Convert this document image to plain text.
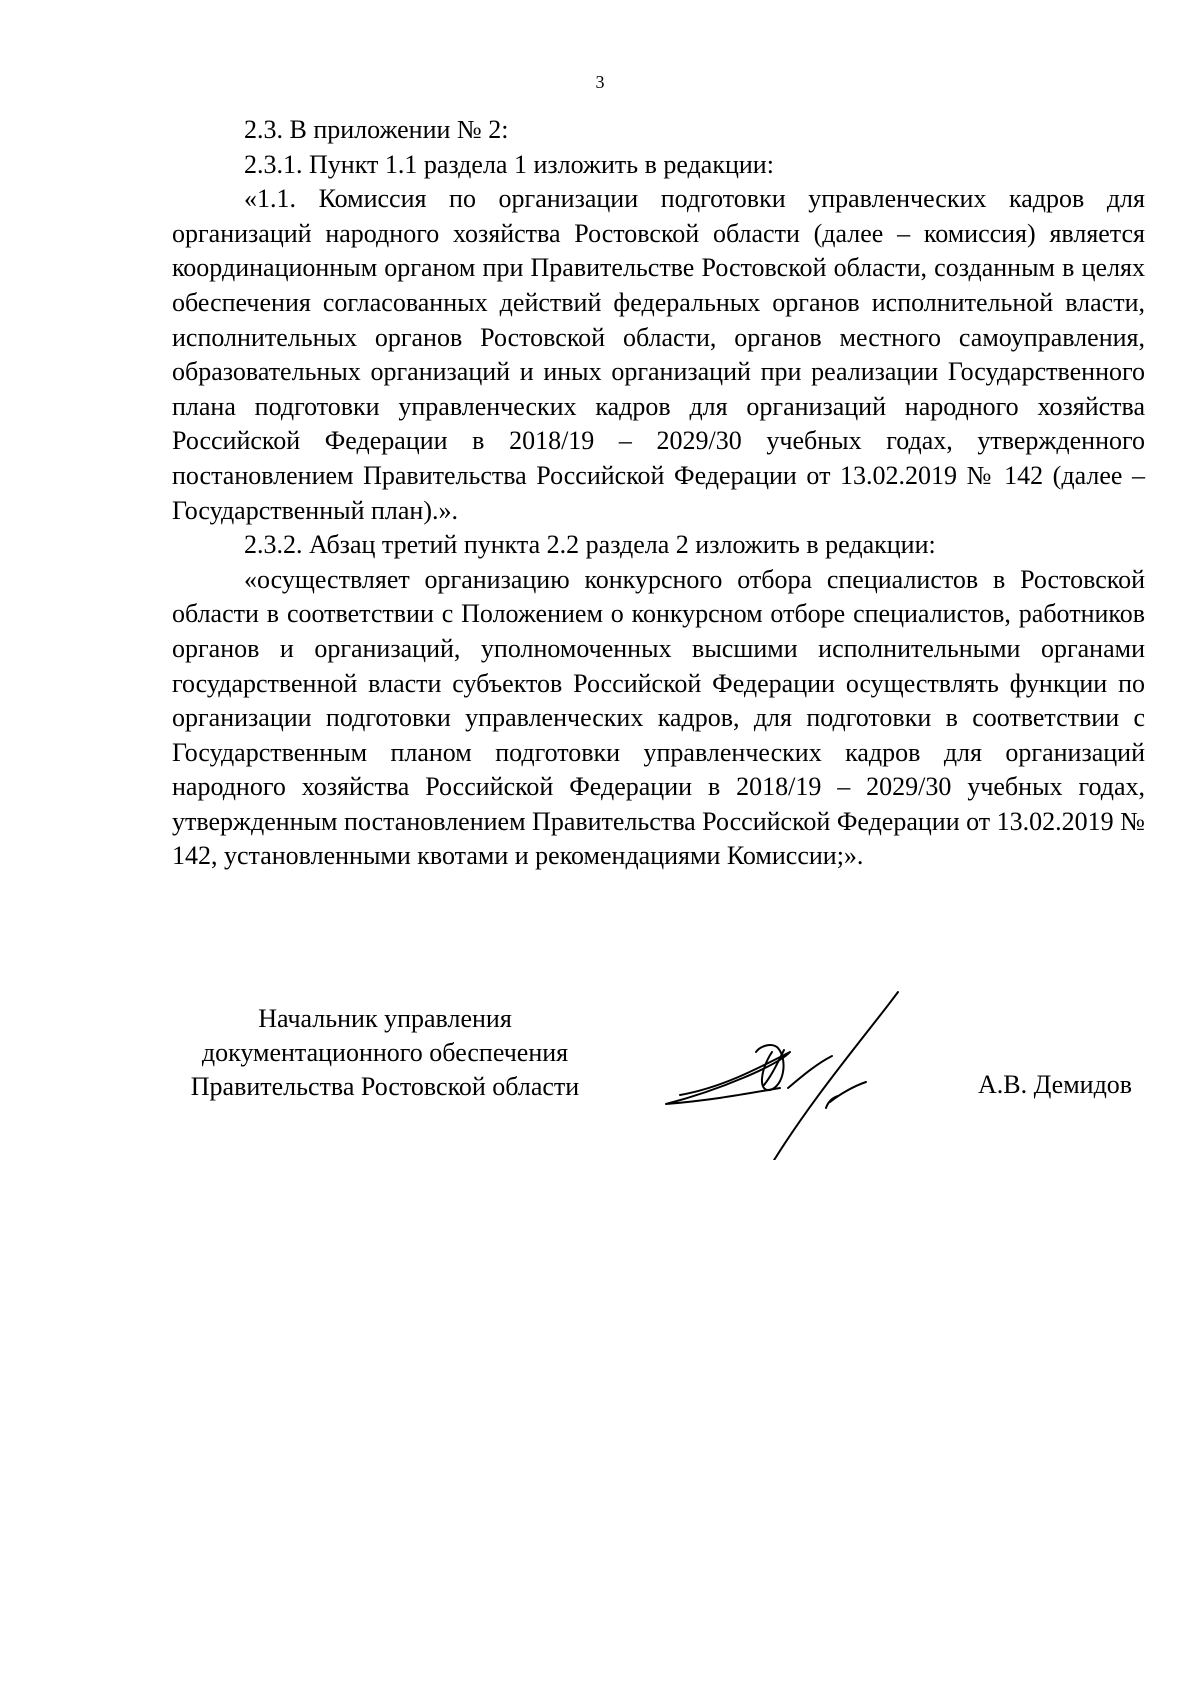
3

2.3. В приложении № 2:

2.3.1. Пункт 1.1 раздела 1 изложить в редакции:

«1.1. Комиссия по организации подготовки управленческих кадров для организаций народного хозяйства Ростовской области (далее – комиссия) является координационным органом при Правительстве Ростовской области, созданным в целях обеспечения согласованных действий федеральных органов исполнительной власти, исполнительных органов Ростовской области, органов местного самоуправления, образовательных организаций и иных организаций при реализации Государственного плана подготовки управленческих кадров для организаций народного хозяйства Российской Федерации в 2018/19 – 2029/30 учебных годах, утвержденного постановлением Правительства Российской Федерации от 13.02.2019 № 142 (далее – Государственный план).».

2.3.2. Абзац третий пункта 2.2 раздела 2 изложить в редакции:

«осуществляет организацию конкурсного отбора специалистов в Ростовской области в соответствии с Положением о конкурсном отборе специалистов, работников органов и организаций, уполномоченных высшими исполнительными органами государственной власти субъектов Российской Федерации осуществлять функции по организации подготовки управленческих кадров, для подготовки в соответствии с Государственным планом подготовки управленческих кадров для организаций народного хозяйства Российской Федерации в 2018/19 – 2029/30 учебных годах, утвержденным постановлением Правительства Российской Федерации от 13.02.2019 № 142, установленными квотами и рекомендациями Комиссии;».

Начальник управления
документационного обеспечения
Правительства Ростовской области	А.В. Демидов
